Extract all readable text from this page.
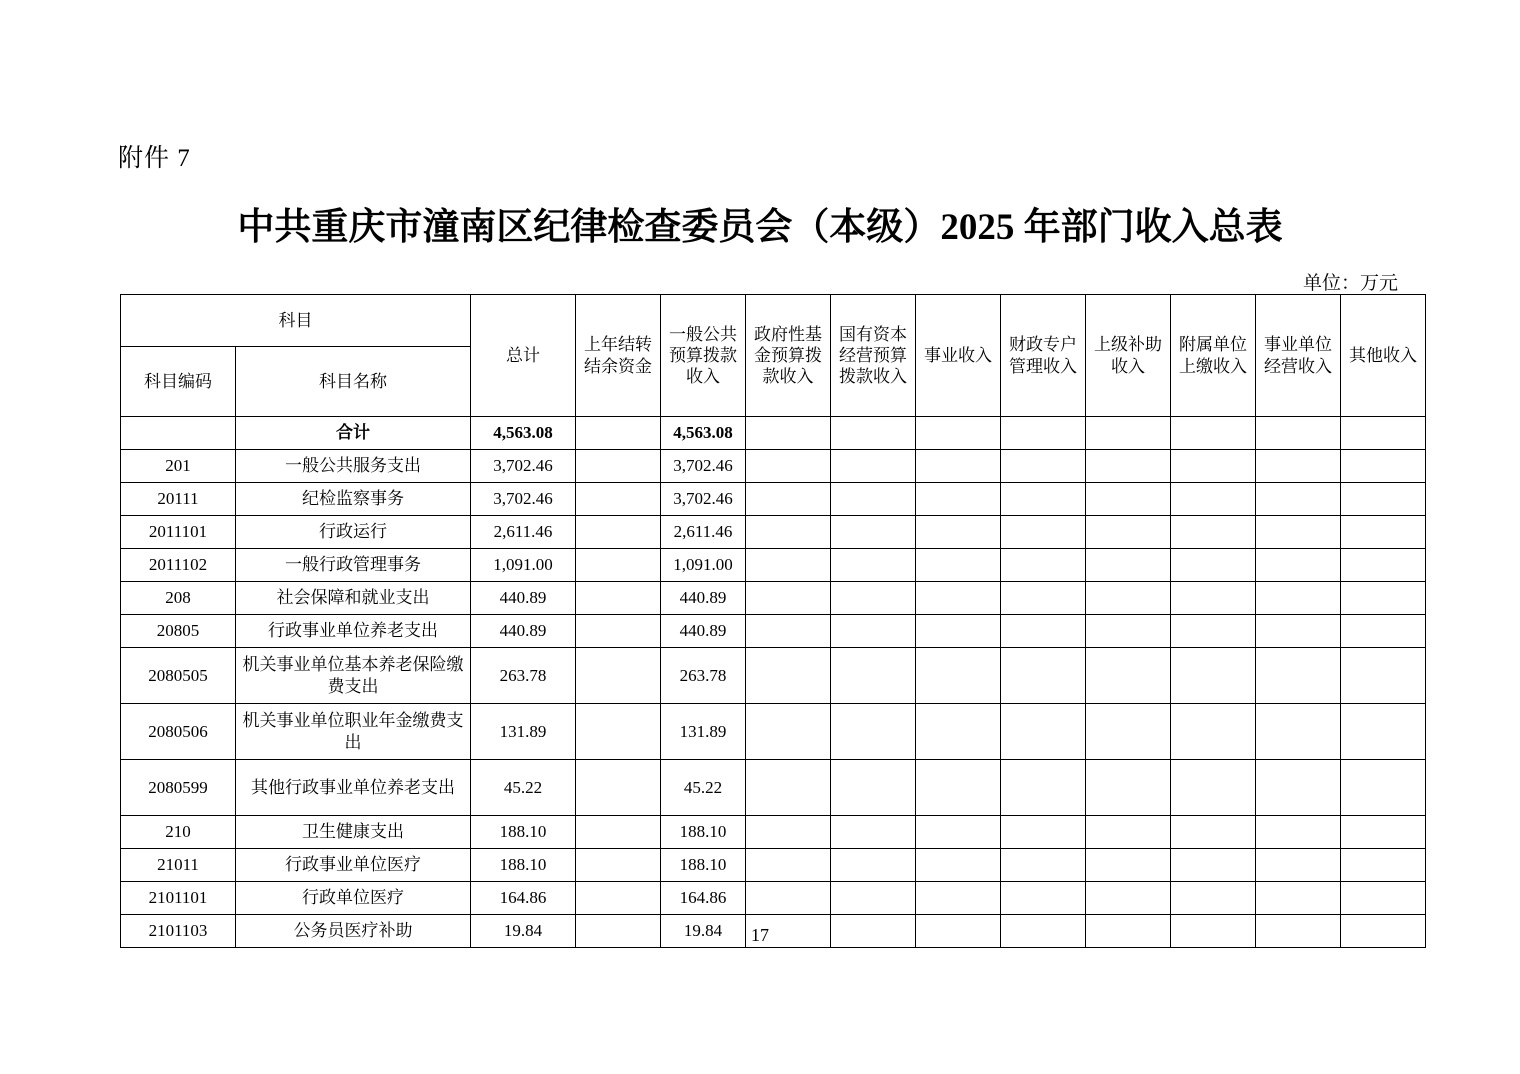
附件 7
中共重庆市潼南区纪律检查委员会（本级）2025 年部门收入总表
单位：万元
科目		总计	上年结转结余资金	一般公共预算拨款收入	政府性基金预算拨款收入	国有资本经营预算拨款收入	事业收入	财政专户管理收入	上级补助收入	附属单位上缴收入	事业单位经营收入	其他收入
科目编码	科目名称											
	合计	4,563.08		4,563.08								
201	一般公共服务支出	3,702.46		3,702.46								
20111	纪检监察事务	3,702.46		3,702.46								
2011101	行政运行	2,611.46		2,611.46								
2011102	一般行政管理事务	1,091.00		1,091.00								
208	社会保障和就业支出	440.89		440.89								
20805	行政事业单位养老支出	440.89		440.89								
2080505	机关事业单位基本养老保险缴费支出	263.78		263.78								
2080506	机关事业单位职业年金缴费支出	131.89		131.89								
2080599	其他行政事业单位养老支出	45.22		45.22								
210	卫生健康支出	188.10		188.10								
21011	行政事业单位医疗	188.10		188.10								
2101101	行政单位医疗	164.86		164.86								
2101103	公务员医疗补助	19.84		19.84									17
